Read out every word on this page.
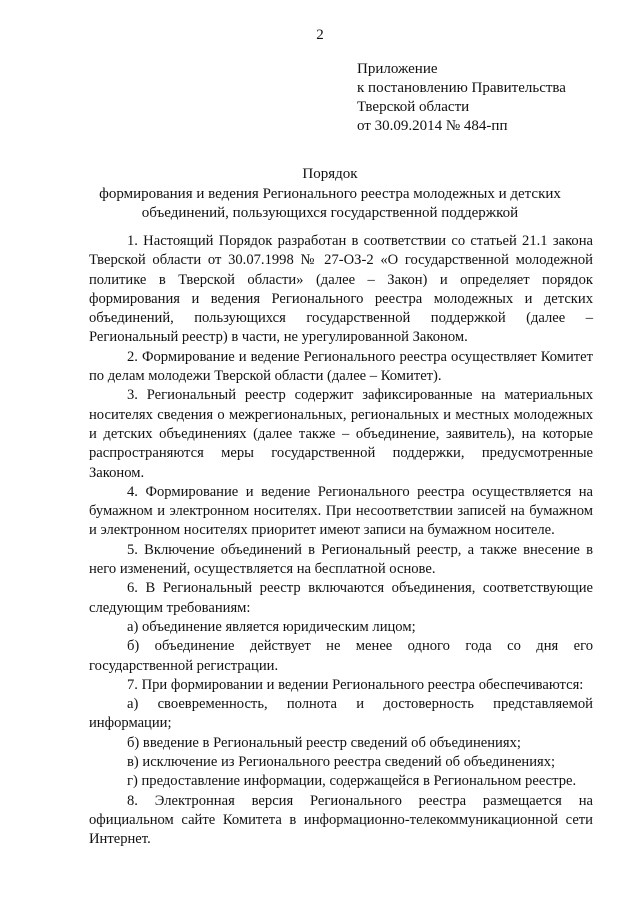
2
Приложение
к постановлению Правительства
Тверской области
от 30.09.2014 № 484-пп
Порядок
формирования и ведения Регионального реестра молодежных и детских объединений, пользующихся государственной поддержкой

1. Настоящий Порядок разработан в соответствии со статьей 21.1 закона Тверской области от 30.07.1998 № 27-ОЗ-2 «О государственной молодежной политике в Тверской области» (далее – Закон) и определяет порядок формирования и ведения Регионального реестра молодежных и детских объединений, пользующихся государственной поддержкой (далее – Региональный реестр) в части, не урегулированной Законом.

2. Формирование и ведение Регионального реестра осуществляет Комитет по делам молодежи Тверской области (далее – Комитет).

3. Региональный реестр содержит зафиксированные на материальных носителях сведения о межрегиональных, региональных и местных молодежных и детских объединениях (далее также – объединение, заявитель), на которые распространяются меры государственной поддержки, предусмотренные Законом.

4. Формирование и ведение Регионального реестра осуществляется на бумажном и электронном носителях. При несоответствии записей на бумажном и электронном носителях приоритет имеют записи на бумажном носителе.

5. Включение объединений в Региональный реестр, а также внесение в него изменений, осуществляется на бесплатной основе.

6. В Региональный реестр включаются объединения, соответствующие следующим требованиям:

а) объединение является юридическим лицом;

б) объединение действует не менее одного года со дня его государственной регистрации.

7. При формировании и ведении Регионального реестра обеспечиваются:

а) своевременность, полнота и достоверность представляемой информации;

б) введение в Региональный реестр сведений об объединениях;

в) исключение из Регионального реестра сведений об объединениях;

г) предоставление информации, содержащейся в Региональном реестре.

8. Электронная версия Регионального реестра размещается на официальном сайте Комитета в информационно-телекоммуникационной сети Интернет.
